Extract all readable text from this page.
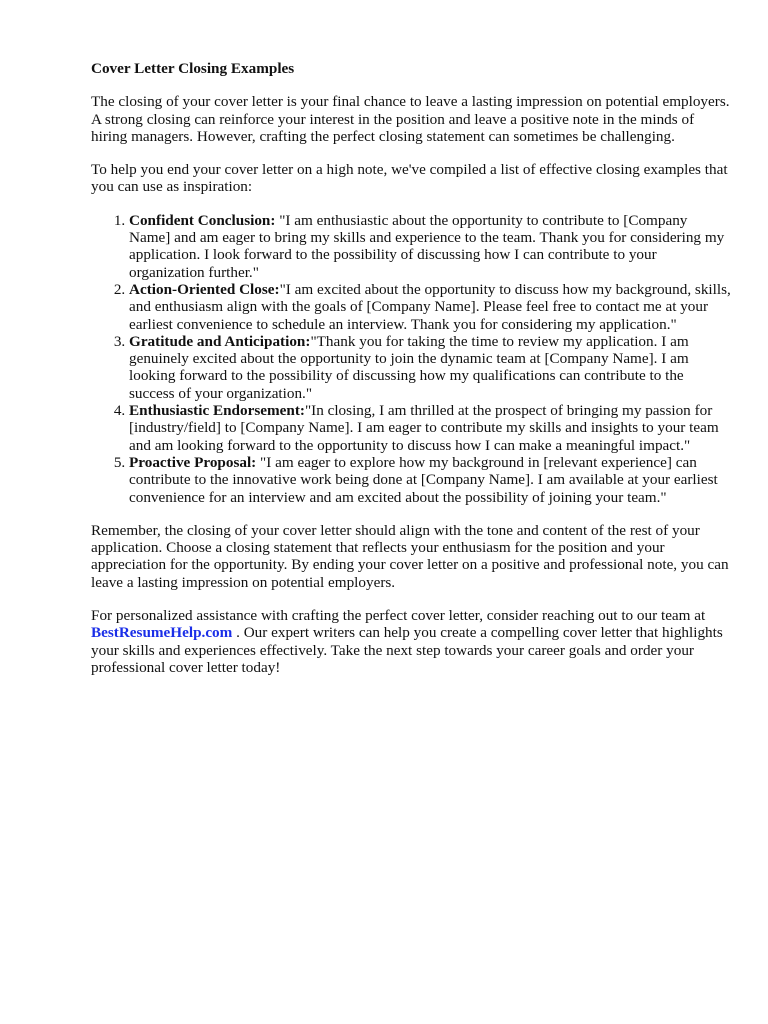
Cover Letter Closing Examples

The closing of your cover letter is your final chance to leave a lasting impression on potential employers. A strong closing can reinforce your interest in the position and leave a positive note in the minds of hiring managers. However, crafting the perfect closing statement can sometimes be challenging.

To help you end your cover letter on a high note, we've compiled a list of effective closing examples that you can use as inspiration:

1. Confident Conclusion: "I am enthusiastic about the opportunity to contribute to [Company Name] and am eager to bring my skills and experience to the team. Thank you for considering my application. I look forward to the possibility of discussing how I can contribute to your organization further."
2. Action-Oriented Close:"I am excited about the opportunity to discuss how my background, skills, and enthusiasm align with the goals of [Company Name]. Please feel free to contact me at your earliest convenience to schedule an interview. Thank you for considering my application."
3. Gratitude and Anticipation:"Thank you for taking the time to review my application. I am genuinely excited about the opportunity to join the dynamic team at [Company Name]. I am looking forward to the possibility of discussing how my qualifications can contribute to the success of your organization."
4. Enthusiastic Endorsement:"In closing, I am thrilled at the prospect of bringing my passion for [industry/field] to [Company Name]. I am eager to contribute my skills and insights to your team and am looking forward to the opportunity to discuss how I can make a meaningful impact."
5. Proactive Proposal: "I am eager to explore how my background in [relevant experience] can contribute to the innovative work being done at [Company Name]. I am available at your earliest convenience for an interview and am excited about the possibility of joining your team."

Remember, the closing of your cover letter should align with the tone and content of the rest of your application. Choose a closing statement that reflects your enthusiasm for the position and your appreciation for the opportunity. By ending your cover letter on a positive and professional note, you can leave a lasting impression on potential employers.

For personalized assistance with crafting the perfect cover letter, consider reaching out to our team at BestResumeHelp.com . Our expert writers can help you create a compelling cover letter that highlights your skills and experiences effectively. Take the next step towards your career goals and order your professional cover letter today!
